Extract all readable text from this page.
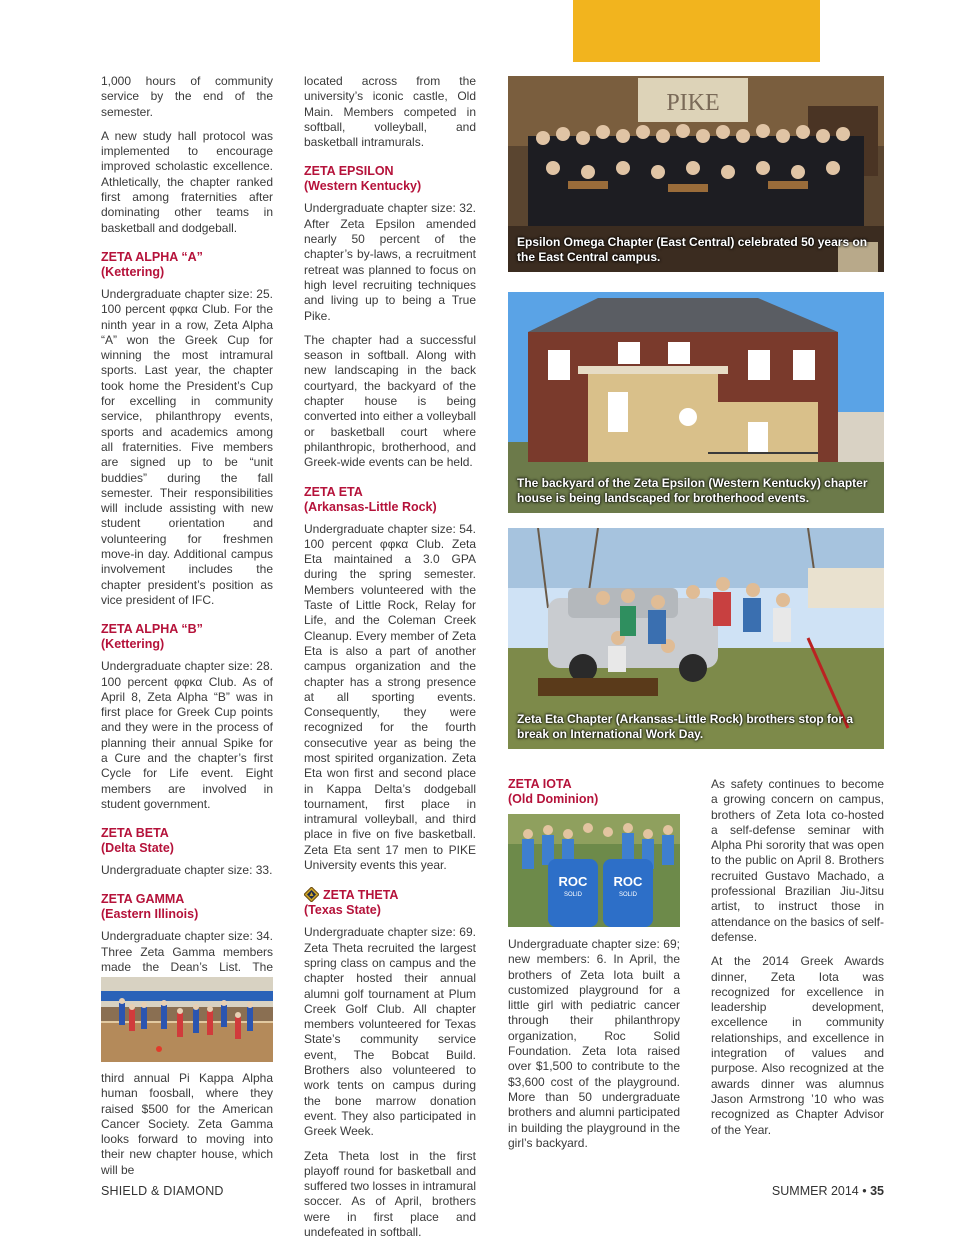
1,000 hours of community service by the end of the semester.

A new study hall protocol was implemented to encourage improved scholastic excellence. Athletically, the chapter ranked first among fraternities after dominating other teams in basketball and dodgeball.

ZETA ALPHA “A”
(Kettering)

Undergraduate chapter size: 25. 100 percent φφκα Club. For the ninth year in a row, Zeta Alpha “A” won the Greek Cup for winning the most intramural sports. Last year, the chapter took home the President’s Cup for excelling in community service, philanthropy events, sports and academics among all fraternities. Five members are signed up to be “unit buddies” during the fall semester. Their responsibilities will include assisting with new student orientation and volunteering for freshmen move-in day. Additional campus involvement includes the chapter president’s position as vice president of IFC.

ZETA ALPHA “B”
(Kettering)

Undergraduate chapter size: 28. 100 percent φφκα Club. As of April 8, Zeta Alpha “B” was in first place for Greek Cup points and they were in the process of planning their annual Spike for a Cure and the chapter’s first Cycle for Life event. Eight members are involved in student government.

ZETA BETA
(Delta State)

Undergraduate chapter size: 33.

ZETA GAMMA
(Eastern Illinois)

Undergraduate chapter size: 34. Three Zeta Gamma members made the Dean’s List. The

third annual Pi Kappa Alpha human foosball, where they raised $500 for the American Cancer Society. Zeta Gamma looks forward to moving into their new chapter house, which will be

located across from the university’s iconic castle, Old Main. Members competed in softball, volleyball, and basketball intramurals.

ZETA EPSILON
(Western Kentucky)

Undergraduate chapter size: 32. After Zeta Epsilon amended nearly 50 percent of the chapter’s by-laws, a recruitment retreat was planned to focus on high level recruiting techniques and living up to being a True Pike.

The chapter had a successful season in softball. Along with new landscaping in the back courtyard, the backyard of the chapter house is being converted into either a volleyball or basketball court where philanthropic, brotherhood, and Greek-wide events can be held.

ZETA ETA
(Arkansas-Little Rock)

Undergraduate chapter size: 54. 100 percent φφκα Club. Zeta Eta maintained a 3.0 GPA during the spring semester. Members volunteered with the Taste of Little Rock, Relay for Life, and the Coleman Creek Cleanup. Every member of Zeta Eta is also a part of another campus organization and the chapter has a strong presence at all sporting events. Consequently, they were recognized for the fourth consecutive year as being the most spirited organization. Zeta Eta won first and second place in Kappa Delta’s dodgeball tournament, first place in intramural volleyball, and third place in five on five basketball. Zeta Eta sent 17 men to PIKE University events this year.

ZETA THETA
(Texas State)

Undergraduate chapter size: 69. Zeta Theta recruited the largest spring class on campus and the chapter hosted their annual alumni golf tournament at Plum Creek Golf Club. All chapter members volunteered for Texas State’s community service event, The Bobcat Build. Brothers also volunteered to work tents on campus during the bone marrow donation event. They also participated in Greek Week.

Zeta Theta lost in the first playoff round for basketball and suffered two losses in intramural soccer. As of April, brothers were in first place and undefeated in softball.

PIKE
Epsilon Omega Chapter (East Central) celebrated 50 years on the East Central campus.
The backyard of the Zeta Epsilon (Western Kentucky) chapter house is being landscaped for brotherhood events.
Zeta Eta Chapter (Arkansas-Little Rock) brothers stop for a break on International Work Day.
ZETA IOTA
(Old Dominion)
ROC
SOLID
ROC
SOLID

Undergraduate chapter size: 69; new members: 6. In April, the brothers of Zeta Iota built a customized playground for a little girl with pediatric cancer through their philanthropy organization, Roc Solid Foundation. Zeta Iota raised over $1,500 to contribute to the $3,600 cost of the playground. More than 50 undergraduate brothers and alumni participated in building the playground in the girl’s backyard.

As safety continues to become a growing concern on campus, brothers of Zeta Iota co-hosted a self-defense seminar with Alpha Phi sorority that was open to the public on April 8. Brothers recruited Gustavo Machado, a professional Brazilian Jiu-Jitsu artist, to instruct those in attendance on the basics of self-defense.

At the 2014 Greek Awards dinner, Zeta Iota was recognized for excellence in leadership development, excellence in community relationships, and excellence in integration of values and purpose. Also recognized at the awards dinner was alumnus Jason Armstrong ’10 who was recognized as Chapter Advisor of the Year.

SHIELD & DIAMOND	SUMMER 2014 • 35
